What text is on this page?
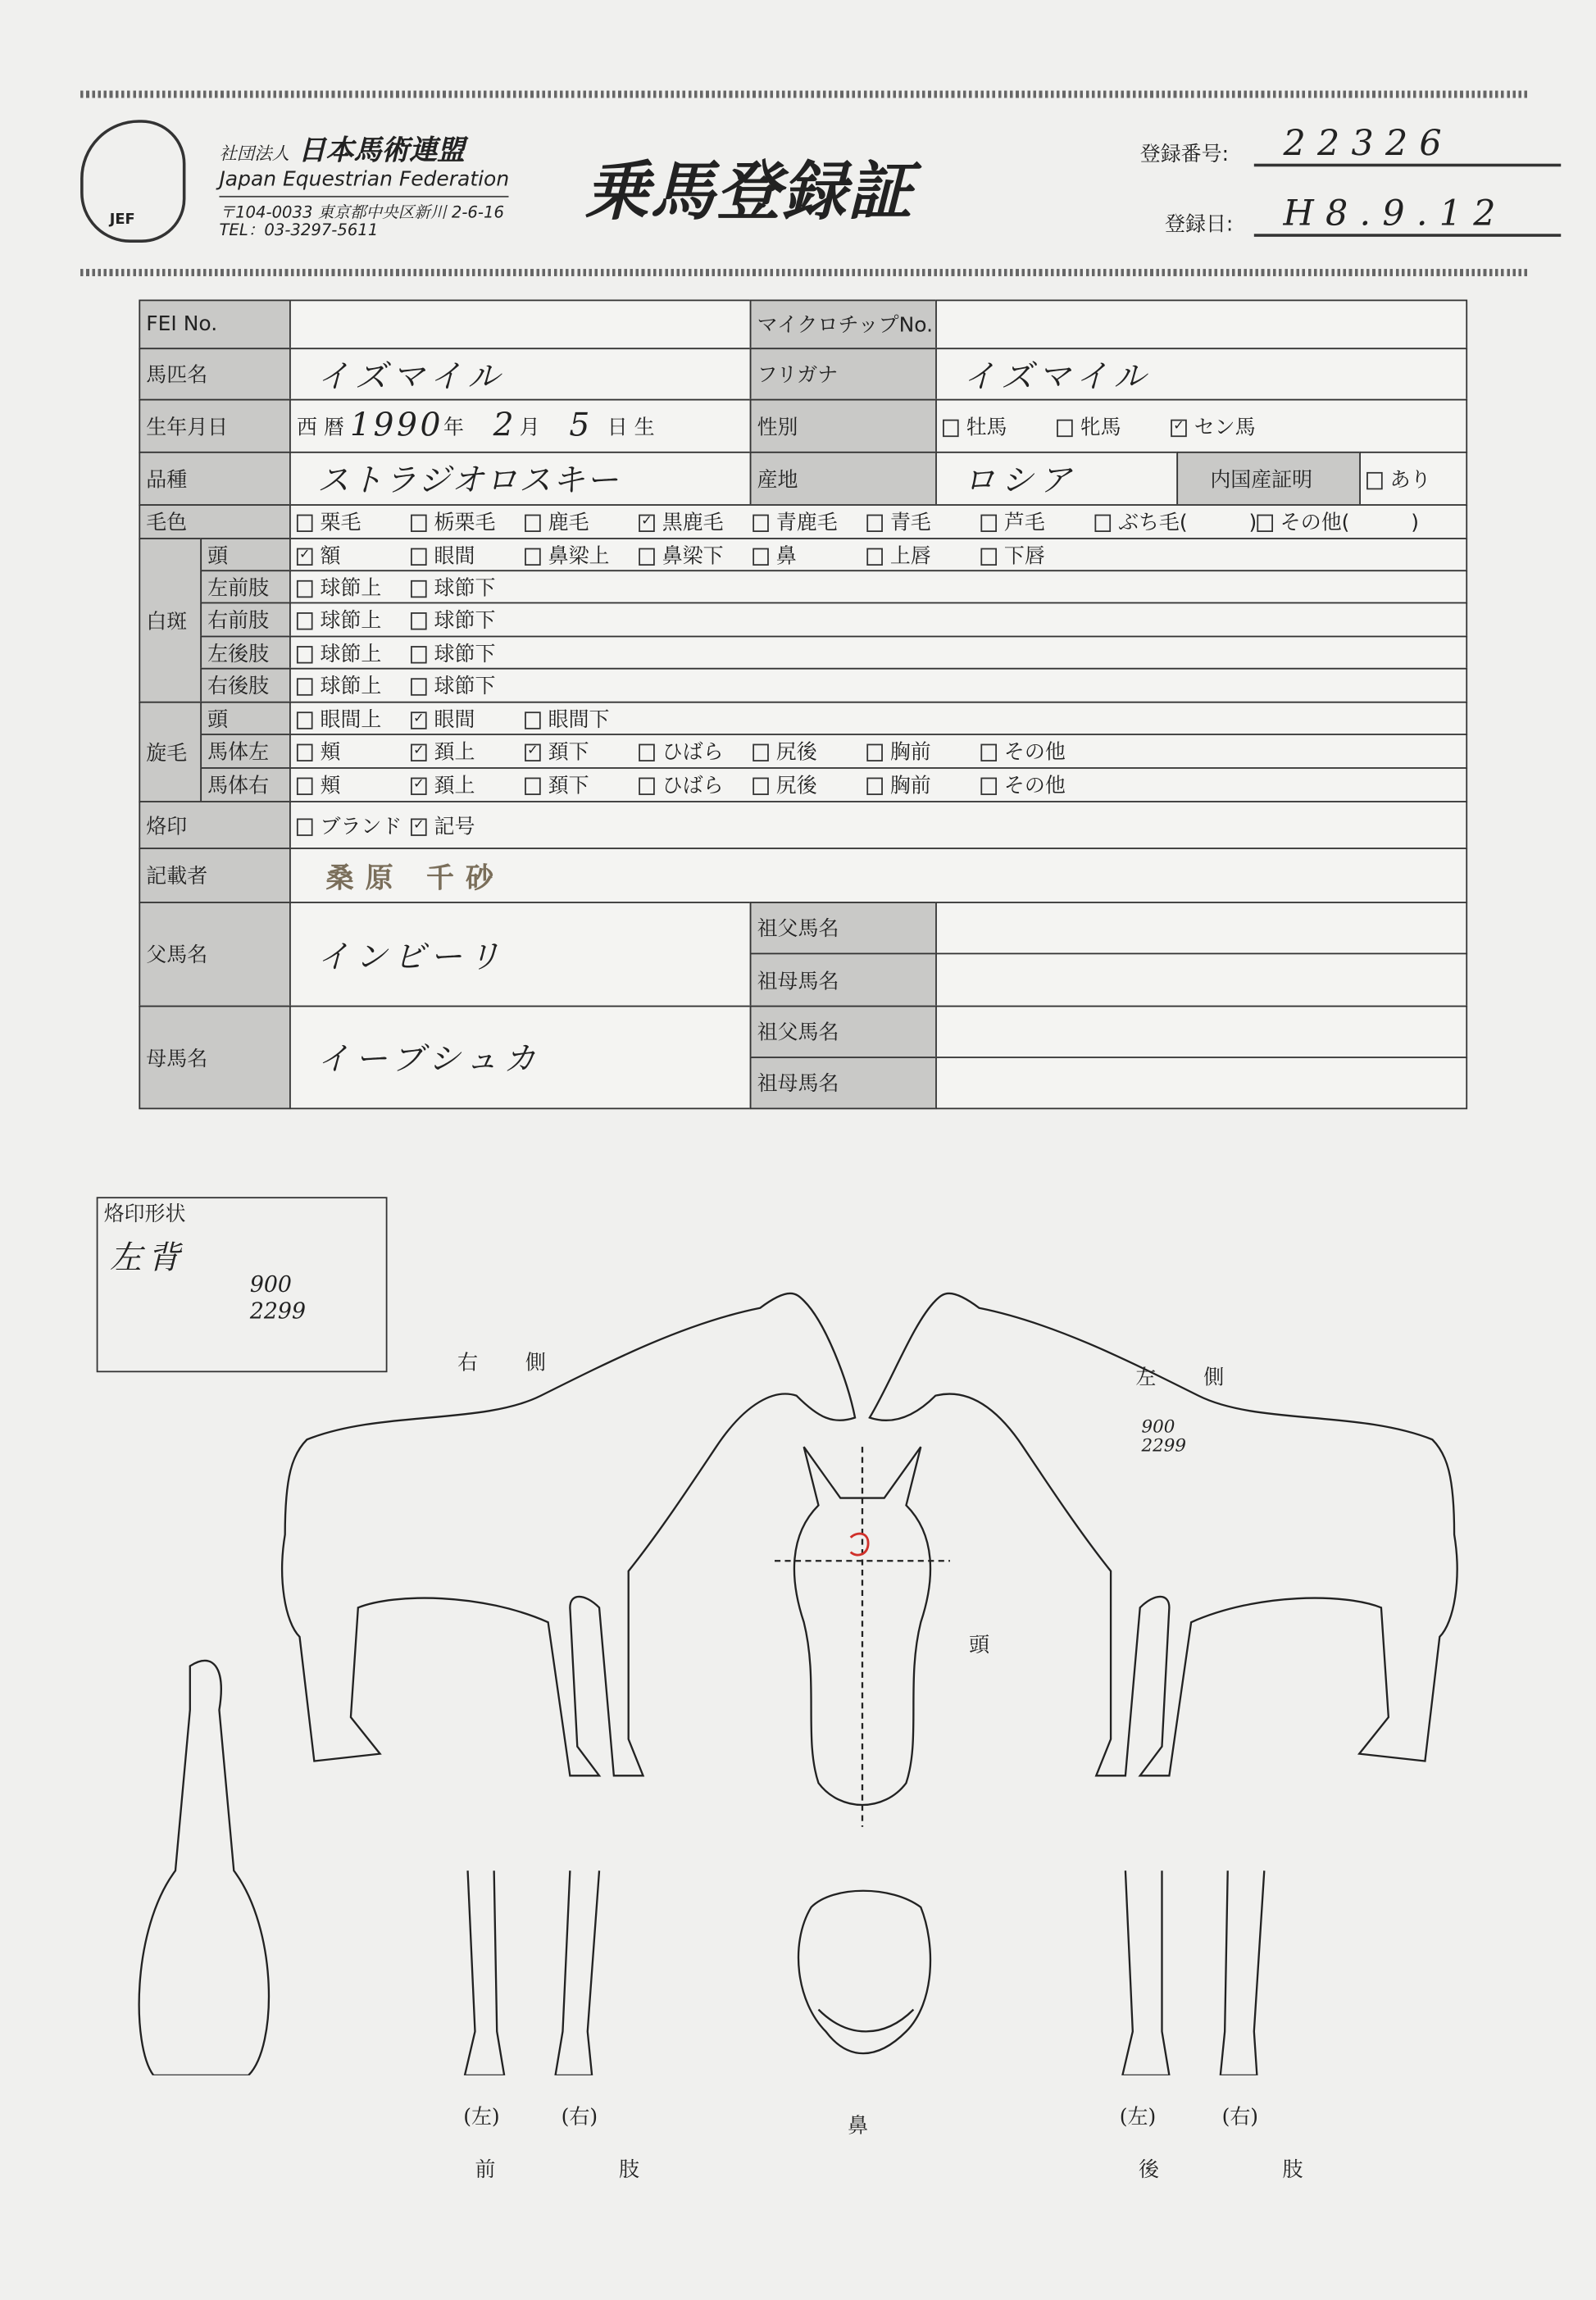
JEF
社団法人 日本馬術連盟
Japan Equestrian Federation
〒104-0033 東京都中央区新川 2-6-16
TEL：03-3297-5611
乗馬登録証
登録番号:	22326
登録日:	H8.9.12
FEI No.	マイクロチップNo.
馬匹名	イズマイル	フリガナ	イズマイル
生年月日	西 暦 1990 年	2 月	5	日 生	性別	牡馬	牝馬	✓ セン馬
品種	ストラジオロスキー	産地	ロシア	内国産証明	あり
毛色	栗毛	栃栗毛	鹿毛	✓ 黒鹿毛	青鹿毛	青毛	芦毛	ぶち毛(　　　)	その他(　　　)
白斑
頭	✓ 額	眼間	鼻梁上	鼻梁下	鼻	上唇	下唇
左前肢	球節上	球節下
右前肢	球節上	球節下
左後肢	球節上	球節下
右後肢	球節上	球節下
旋毛
頭	眼間上	✓ 眼間	眼間下
馬体左	頬	✓ 頚上	✓ 頚下	ひばら	尻後	胸前	その他
馬体右	頬	✓ 頚上	頚下	ひばら	尻後	胸前	その他
烙印	ブランド	✓ 記号
記載者	桑原 千砂
父馬名	インビーリ
祖父馬名
祖母馬名
母馬名	イーブシュカ
祖父馬名
祖母馬名
烙印形状
左背
900
2299
900
2299
右 側
左 側
頭
鼻
(左)	(右)
前 肢
(左)	(右)
後 肢
